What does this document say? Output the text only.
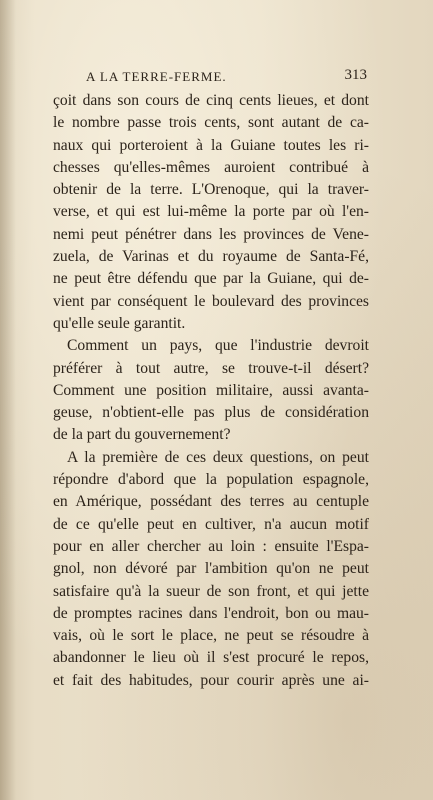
A LA TERRE-FERME.	313
çoit dans son cours de cinq cents lieues, et dont
le nombre passe trois cents, sont autant de ca-
naux qui porteroient à la Guiane toutes les ri-
chesses qu'elles-mêmes auroient contribué à
obtenir de la terre. L'Orenoque, qui la traver-
verse, et qui est lui-même la porte par où l'en-
nemi peut pénétrer dans les provinces de Vene-
zuela, de Varinas et du royaume de Santa-Fé,
ne peut être défendu que par la Guiane, qui de-
vient par conséquent le boulevard des provinces
qu'elle seule garantit.
Comment un pays, que l'industrie devroit
préférer à tout autre, se trouve-t-il désert?
Comment une position militaire, aussi avanta-
geuse, n'obtient-elle pas plus de considération
de la part du gouvernement?
A la première de ces deux questions, on peut
répondre d'abord que la population espagnole,
en Amérique, possédant des terres au centuple
de ce qu'elle peut en cultiver, n'a aucun motif
pour en aller chercher au loin : ensuite l'Espa-
gnol, non dévoré par l'ambition qu'on ne peut
satisfaire qu'à la sueur de son front, et qui jette
de promptes racines dans l'endroit, bon ou mau-
vais, où le sort le place, ne peut se résoudre à
abandonner le lieu où il s'est procuré le repos,
et fait des habitudes, pour courir après une ai-
